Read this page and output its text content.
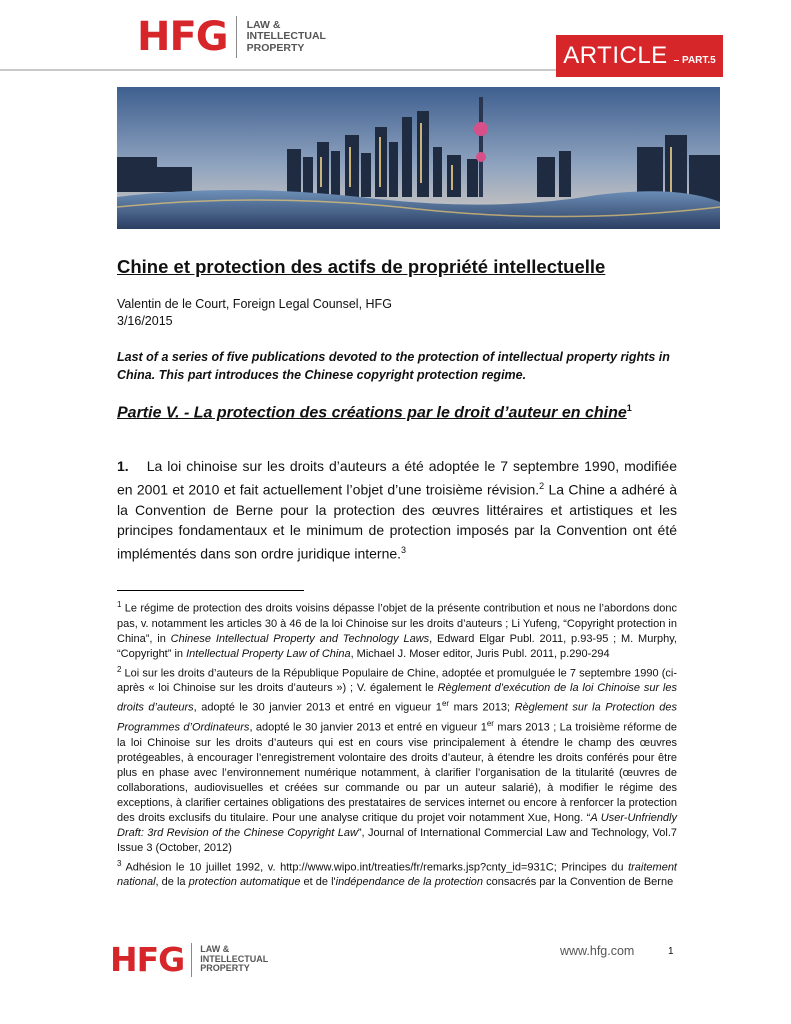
HFG LAW &
INTELLECTUAL
PROPERTY	ARTICLE – PART.5
Chine et protection des actifs de propriété intellectuelle
Valentin de le Court, Foreign Legal Counsel, HFG
3/16/2015
Last of a series of five publications devoted to the protection of intellectual property rights in China. This part introduces the Chinese copyright protection regime.
Partie V. - La protection des créations par le droit d’auteur en chine$^1$
1. La loi chinoise sur les droits d’auteurs a été adoptée le 7 septembre 1990, modifiée en 2001 et 2010 et fait actuellement l’objet d’une troisième révision.$^2$ La Chine a adhéré à la Convention de Berne pour la protection des œuvres littéraires et artistiques et les principes fondamentaux et le minimum de protection imposés par la Convention ont été implémentés dans son ordre juridique interne.$^3$

$^1$ Le régime de protection des droits voisins dépasse l’objet de la présente contribution et nous ne l’abordons donc pas, v. notamment les articles 30 à 46 de la loi Chinoise sur les droits d’auteurs ; Li Yufeng, “Copyright protection in China”, in Chinese Intellectual Property and Technology Laws, Edward Elgar Publ. 2011, p.93-95 ; M. Murphy, “Copyright” in Intellectual Property Law of China, Michael J. Moser editor, Juris Publ. 2011, p.290-294

$^2$ Loi sur les droits d’auteurs de la République Populaire de Chine, adoptée et promulguée le 7 septembre 1990 (ci-après « loi Chinoise sur les droits d’auteurs ») ; V. également le Règlement d’exécution de la loi Chinoise sur les droits d’auteurs, adopté le 30 janvier 2013 et entré en vigueur 1er mars 2013; Règlement sur la Protection des Programmes d’Ordinateurs, adopté le 30 janvier 2013 et entré en vigueur 1er mars 2013 ; La troisième réforme de la loi Chinoise sur les droits d’auteurs qui est en cours vise principalement à étendre le champ des œuvres protégeables, à encourager l’enregistrement volontaire des droits d’auteur, à étendre les droits conférés pour être plus en phase avec l’environnement numérique notamment, à clarifier l’organisation de la titularité (œuvres de collaborations, audiovisuelles et créées sur commande ou par un auteur salarié), à modifier le régime des exceptions, à clarifier certaines obligations des prestataires de services internet ou encore à renforcer la protection des droits exclusifs du titulaire. Pour une analyse critique du projet voir notamment Xue, Hong. “A User-Unfriendly Draft: 3rd Revision of the Chinese Copyright Law”, Journal of International Commercial Law and Technology, Vol.7 Issue 3 (October, 2012)

$^3$ Adhésion le 10 juillet 1992, v. http://www.wipo.int/treaties/fr/remarks.jsp?cnty_id=931C; Principes du traitement national, de la protection automatique et de l'indépendance de la protection consacrés par la Convention de Berne

HFG LAW &
INTELLECTUAL
PROPERTY
www.hfg.com	1
